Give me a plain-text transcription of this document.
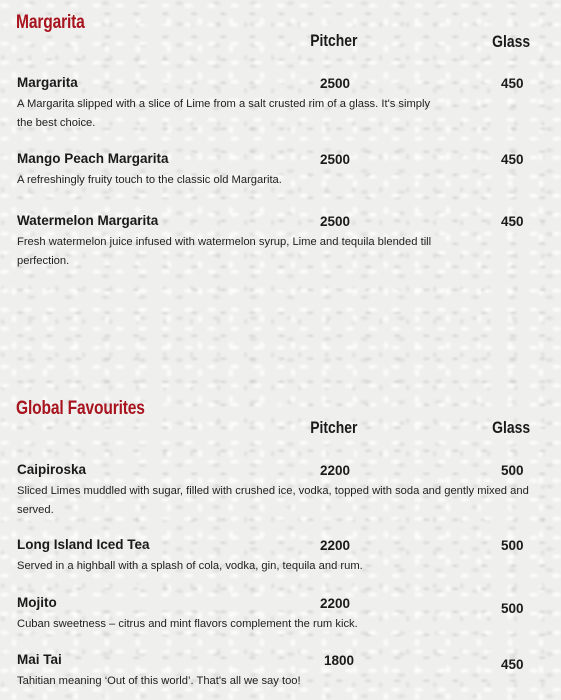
Margarita
Pitcher	Glass
Margarita	2500	450
A Margarita slipped with a slice of Lime from a salt crusted rim of a glass. It's simply the best choice.
Mango Peach Margarita	2500	450
A refreshingly fruity touch to the classic old Margarita.
Watermelon Margarita	2500	450
Fresh watermelon juice infused with watermelon syrup, Lime and tequila blended till perfection.
Global Favourites
Pitcher	Glass
Caipiroska	2200	500
Sliced Limes muddled with sugar, filled with crushed ice, vodka, topped with soda and gently mixed and served.
Long Island Iced Tea	2200	500
Served in a highball with a splash of cola, vodka, gin, tequila and rum.
Mojito	2200	500
Cuban sweetness – citrus and mint flavors complement the rum kick.
Mai Tai	1800	450
Tahitian meaning ‘Out of this world’. That's all we say too!
